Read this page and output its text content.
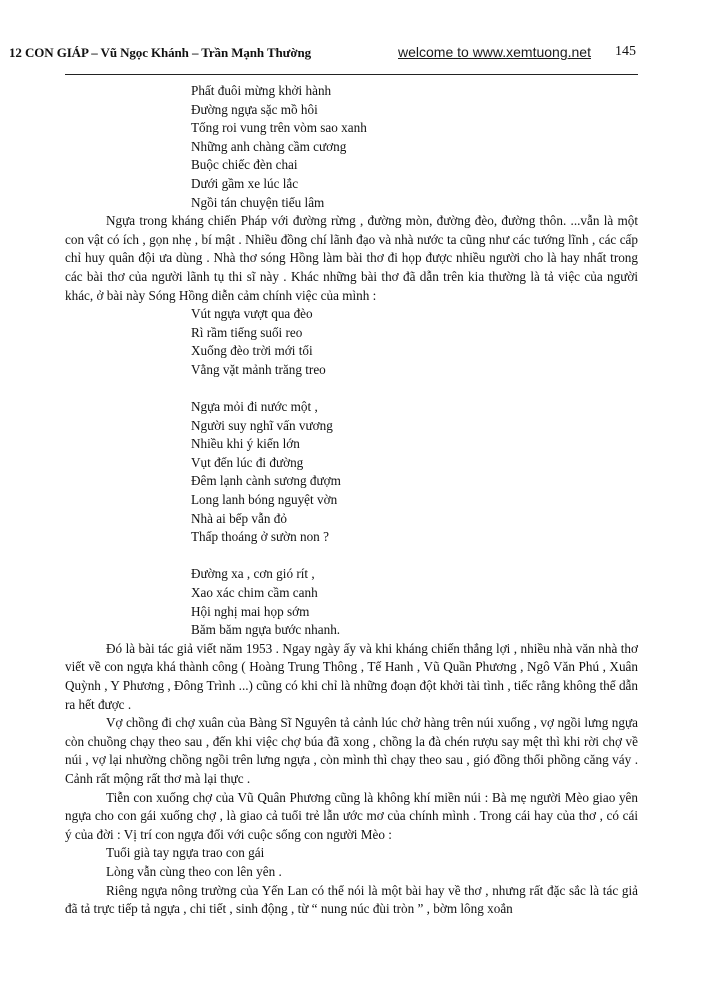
12 CON GIÁP – Vũ Ngọc Khánh – Trần Mạnh Thường	welcome to www.xemtuong.net 145
Phất đuôi mừng khởi hành
Đường ngựa sặc mồ hôi
Tống roi vung trên vòm sao xanh
Những anh chàng cầm cương
Buộc chiếc đèn chai
Dưới gầm xe lúc lắc
Ngồi tán chuyện tiếu lâm

Ngựa trong kháng chiến Pháp với đường rừng , đường mòn, đường đèo, đường thôn. ...vẫn là một con vật có ích , gọn nhẹ , bí mật . Nhiều đồng chí lãnh đạo và nhà nước ta cũng như các tướng lĩnh , các cấp chỉ huy quân đội ưa dùng . Nhà thơ sóng Hồng làm bài thơ đi họp được nhiều người cho là hay nhất trong các bài thơ của người lãnh tụ thi sĩ này . Khác những bài thơ đã dẫn trên kia thường là tả việc của người khác, ở bài này Sóng Hồng diễn cảm chính việc của mình :

Vút ngựa vượt qua đèo
Rì rầm tiếng suối reo
Xuống đèo trời mới tối
Vằng vặt mảnh trăng treo
Ngựa mỏi đi nước một ,
Người suy nghĩ vấn vương
Nhiều khi ý kiến lớn
Vụt đến lúc đi đường
Đêm lạnh cành sương đượm
Long lanh bóng nguyệt vờn
Nhà ai bếp vẫn đỏ
Thấp thoáng ở sườn non ?
Đường xa , cơn gió rít ,
Xao xác chim cầm canh
Hội nghị mai họp sớm
Băm băm ngựa bước nhanh.

Đó là bài tác giả viết năm 1953 . Ngay ngày ấy và khi kháng chiến thắng lợi , nhiều nhà văn nhà thơ viết về con ngựa khá thành công ( Hoàng Trung Thông , Tế Hanh , Vũ Quần Phương , Ngô Văn Phú , Xuân Quỳnh , Y Phương , Đông Trình ...) cũng có khi chỉ là những đoạn đột khởi tài tình , tiếc rằng không thể dẫn ra hết được .

Vợ chồng đi chợ xuân của Bàng Sĩ Nguyên tả cảnh lúc chở hàng trên núi xuống , vợ ngồi lưng ngựa còn chuồng chạy theo sau , đến khi việc chợ búa đã xong , chồng la đà chén rượu say mệt thì khi rời chợ về núi , vợ lại nhường chồng ngồi trên lưng ngựa , còn mình thì chạy theo sau , gió đồng thổi phồng căng váy . Cảnh rất mộng rất thơ mà lại thực .

Tiễn con xuống chợ của Vũ Quân Phương cũng là không khí miền núi : Bà mẹ người Mèo giao yên ngựa cho con gái xuống chợ , là giao cả tuổi trẻ lẫn ước mơ của chính mình . Trong cái hay của thơ , có cái ý của đời : Vị trí con ngựa đối với cuộc sống con người Mèo :

Tuổi già tay ngựa trao con gái
Lòng vẫn cùng theo con lên yên .

Riêng ngựa nông trường của Yến Lan có thể nói là một bài hay về thơ , nhưng rất đặc sắc là tác giả đã tả trực tiếp tả ngựa , chi tiết , sinh động , từ “ nung núc đùi tròn ” , bờm lông xoắn
